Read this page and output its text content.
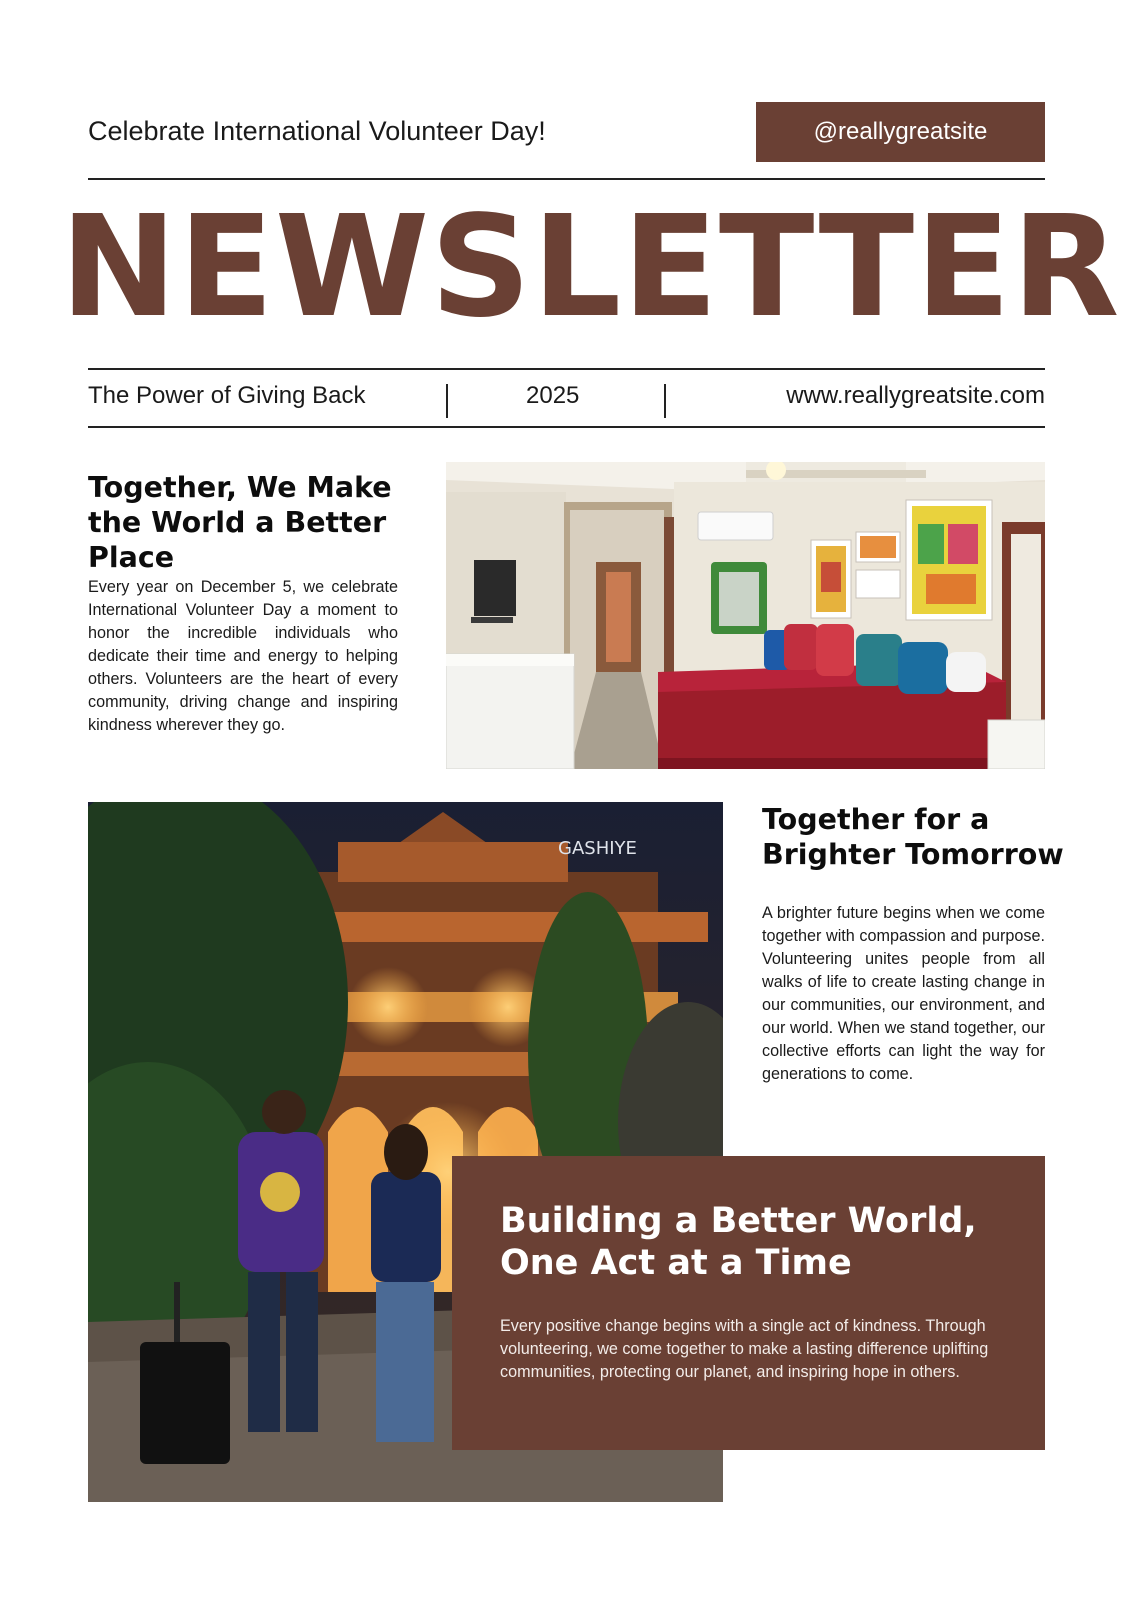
Celebrate International Volunteer Day!	@reallygreatsite
NEWSLETTER
The Power of Giving Back	2025	www.reallygreatsite.com
Together, We Make the World a Better Place
Every year on December 5, we celebrate International Volunteer Day a moment to honor the incredible individuals who dedicate their time and energy to helping others. Volunteers are the heart of every community, driving change and inspiring kindness wherever they go.
Together for a Brighter Tomorrow
A brighter future begins when we come together with compassion and purpose. Volunteering unites people from all walks of life to create lasting change in our communities, our environment, and our world. When we stand together, our collective efforts can light the way for generations to come.
GASHIYE
Building a Better World, One Act at a Time
Every positive change begins with a single act of kindness. Through volunteering, we come together to make a lasting difference uplifting communities, protecting our planet, and inspiring hope in others.
